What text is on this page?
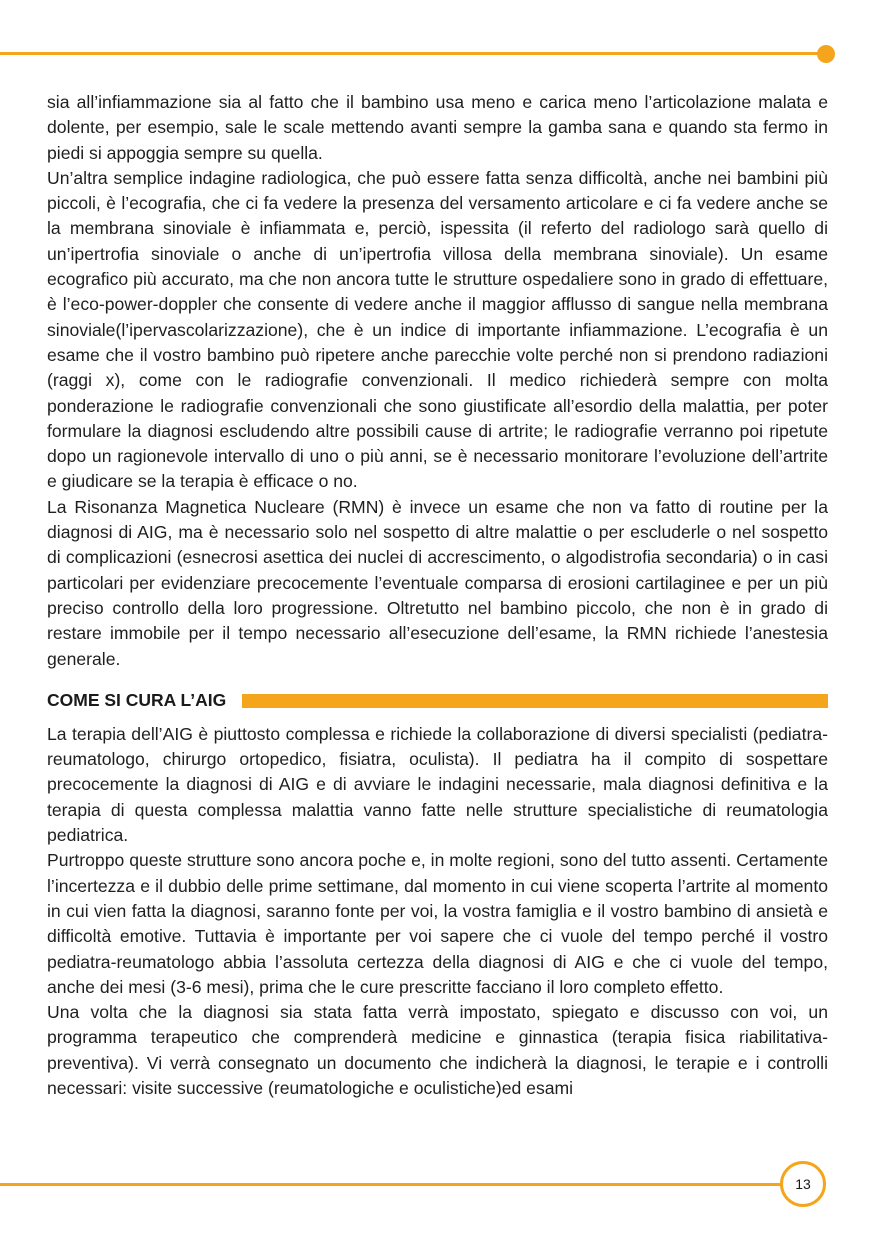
sia all’infiammazione sia al fatto che il bambino usa meno e carica meno l’articolazione malata e dolente, per esempio, sale le scale mettendo avanti sempre la gamba sana e quando sta fermo in piedi si appoggia sempre su quella.

Un’altra semplice indagine radiologica, che può essere fatta senza difficoltà, anche nei bambini più piccoli, è l’ecografia, che ci fa vedere la presenza del versamento articolare e ci fa vedere anche se la membrana sinoviale è infiammata e, perciò, ispessita (il referto del radiologo sarà quello di un’ipertrofia sinoviale o anche di un’ipertrofia villosa della membrana sinoviale). Un esame ecografico più accurato, ma che non ancora tutte le strutture ospedaliere sono in grado di effettuare, è l’eco-power-doppler che consente di vedere anche il maggior afflusso di sangue nella membrana sinoviale(l’ipervascolarizzazione), che è un indice di importante infiammazione. L’ecografia è un esame che il vostro bambino può ripetere anche parecchie volte perché non si prendono radiazioni (raggi x), come con le radiografie convenzionali. Il medico richiederà sempre con molta ponderazione le radiografie convenzionali che sono giustificate all’esordio della malattia, per poter formulare la diagnosi escludendo altre possibili cause di artrite; le radiografie verranno poi ripetute dopo un ragionevole intervallo di uno o più anni, se è necessario monitorare l’evoluzione dell’artrite e giudicare se la terapia è efficace o no.

La Risonanza Magnetica Nucleare (RMN) è invece un esame che non va fatto di routine per la diagnosi di AIG, ma è necessario solo nel sospetto di altre malattie o per escluderle o nel sospetto di complicazioni (esnecrosi asettica dei nuclei di accrescimento, o algodistrofia secondaria) o in casi particolari per evidenziare precocemente l’eventuale comparsa di erosioni cartilaginee e per un più preciso controllo della loro progressione. Oltretutto nel bambino piccolo, che non è in grado di restare immobile per il tempo necessario all’esecuzione dell’esame, la RMN richiede l’anestesia generale.

COME SI CURA L’AIG

La terapia dell’AIG è piuttosto complessa e richiede la collaborazione di diversi specialisti (pediatra-reumatologo, chirurgo ortopedico, fisiatra, oculista). Il pediatra ha il compito di sospettare precocemente la diagnosi di AIG e di avviare le indagini necessarie, mala diagnosi definitiva e la terapia di questa complessa malattia vanno fatte nelle strutture specialistiche di reumatologia pediatrica.

Purtroppo queste strutture sono ancora poche e, in molte regioni, sono del tutto assenti. Certamente l’incertezza e il dubbio delle prime settimane, dal momento in cui viene scoperta l’artrite al momento in cui vien fatta la diagnosi, saranno fonte per voi, la vostra famiglia e il vostro bambino di ansietà e difficoltà emotive. Tuttavia è importante per voi sapere che ci vuole del tempo perché il vostro pediatra-reumatologo abbia l’assoluta certezza della diagnosi di AIG e che ci vuole del tempo, anche dei mesi (3-6 mesi), prima che le cure prescritte facciano il loro completo effetto.

Una volta che la diagnosi sia stata fatta verrà impostato, spiegato e discusso con voi, un programma terapeutico che comprenderà medicine e ginnastica (terapia fisica riabilitativa-preventiva). Vi verrà consegnato un documento che indicherà la diagnosi, le terapie e i controlli necessari: visite successive (reumatologiche e oculistiche)ed esami

13
